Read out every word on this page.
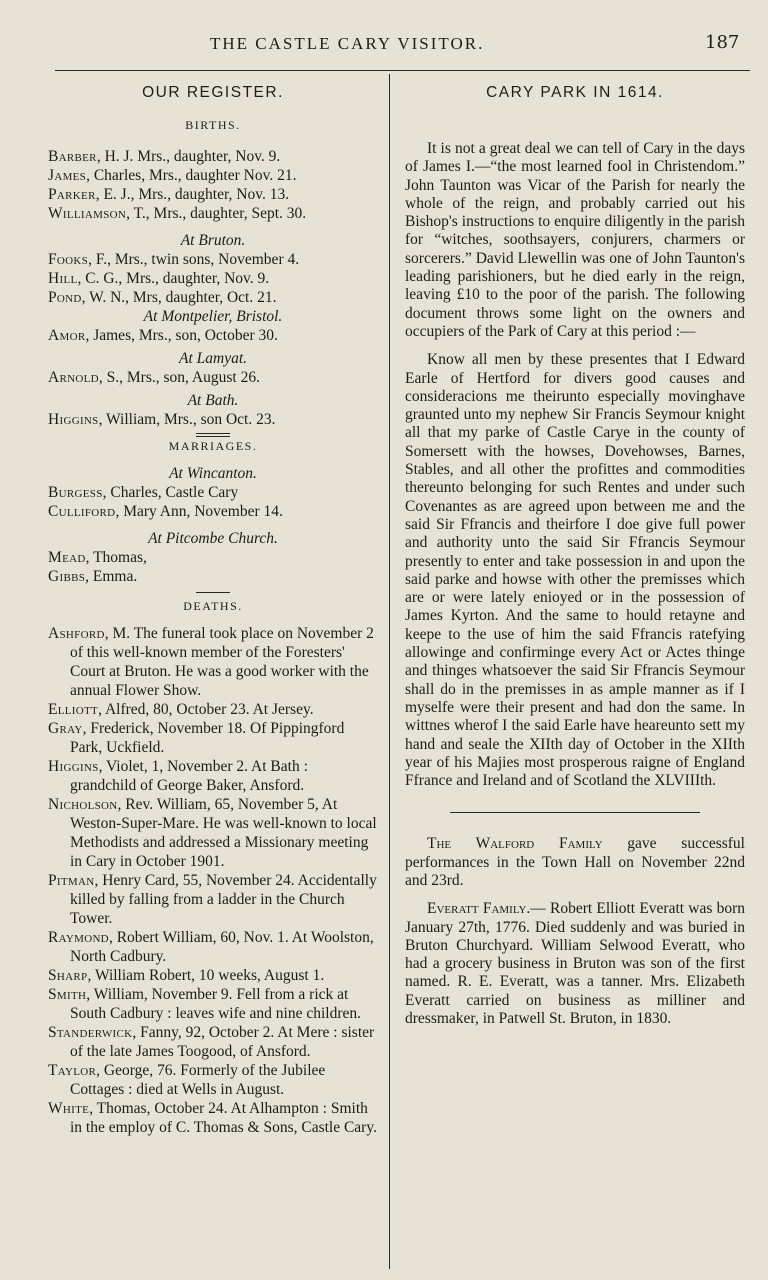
THE CASTLE CARY VISITOR.	187
OUR REGISTER.
BIRTHS.

Barber, H. J. Mrs., daughter, Nov. 9.

James, Charles, Mrs., daughter Nov. 21.

Parker, E. J., Mrs., daughter, Nov. 13.

Williamson, T., Mrs., daughter, Sept. 30.

At Bruton.

Fooks, F., Mrs., twin sons, November 4.

Hill, C. G., Mrs., daughter, Nov. 9.

Pond, W. N., Mrs, daughter, Oct. 21.

At Montpelier, Bristol.

Amor, James, Mrs., son, October 30.

At Lamyat.

Arnold, S., Mrs., son, August 26.

At Bath.

Higgins, William, Mrs., son Oct. 23.

MARRIAGES.

At Wincanton.

Burgess, Charles, Castle Cary

Culliford, Mary Ann, November 14.

At Pitcombe Church.

Mead, Thomas,

Gibbs, Emma.

DEATHS.

Ashford, M. The funeral took place on November 2 of this well-known member of the Foresters' Court at Bruton. He was a good worker with the annual Flower Show.

Elliott, Alfred, 80, October 23. At Jersey.

Gray, Frederick, November 18. Of Pippingford Park, Uckfield.

Higgins, Violet, 1, November 2. At Bath : grandchild of George Baker, Ansford.

Nicholson, Rev. William, 65, November 5, At Weston-Super-Mare. He was well-known to local Methodists and addressed a Missionary meeting in Cary in October 1901.

Pitman, Henry Card, 55, November 24. Accidentally killed by falling from a ladder in the Church Tower.

Raymond, Robert William, 60, Nov. 1. At Woolston, North Cadbury.

Sharp, William Robert, 10 weeks, August 1.

Smith, William, November 9. Fell from a rick at South Cadbury : leaves wife and nine children.

Standerwick, Fanny, 92, October 2. At Mere : sister of the late James Toogood, of Ansford.

Taylor, George, 76. Formerly of the Jubilee Cottages : died at Wells in August.

White, Thomas, October 24. At Alhampton : Smith in the employ of C. Thomas & Sons, Castle Cary.

CARY PARK IN 1614.

It is not a great deal we can tell of Cary in the days of James I.—“the most learned fool in Christendom.” John Taunton was Vicar of the Parish for nearly the whole of the reign, and probably carried out his Bishop's instructions to enquire diligently in the parish for “witches, soothsayers, conjurers, charmers or sorcerers.” David Llewellin was one of John Taunton's leading parishioners, but he died early in the reign, leaving £10 to the poor of the parish. The following document throws some light on the owners and occupiers of the Park of Cary at this period :—

Know all men by these presentes that I Edward Earle of Hertford for divers good causes and consideracions me theirunto especially movinghave graunted unto my nephew Sir Francis Seymour knight all that my parke of Castle Carye in the county of Somersett with the howses, Dovehowses, Barnes, Stables, and all other the profittes and commodities thereunto belonging for such Rentes and under such Covenantes as are agreed upon between me and the said Sir Ffrancis and theirfore I doe give full power and authority unto the said Sir Ffrancis Seymour presently to enter and take possession in and upon the said parke and howse with other the premisses which are or were lately enioyed or in the possession of James Kyrton. And the same to hould retayne and keepe to the use of him the said Ffrancis ratefying allowinge and confirminge every Act or Actes thinge and thinges whatsoever the said Sir Ffrancis Seymour shall do in the premisses in as ample manner as if I myselfe were their present and had don the same. In wittnes wherof I the said Earle have heareunto sett my hand and seale the XIIth day of October in the XIIth year of his Majies most prosperous raigne of England Ffrance and Ireland and of Scotland the XLVIIIth.

The Walford Family gave successful performances in the Town Hall on November 22nd and 23rd.

Everatt Family.— Robert Elliott Everatt was born January 27th, 1776. Died suddenly and was buried in Bruton Churchyard. William Selwood Everatt, who had a grocery business in Bruton was son of the first named. R. E. Everatt, was a tanner. Mrs. Elizabeth Everatt carried on business as milliner and dressmaker, in Patwell St. Bruton, in 1830.
